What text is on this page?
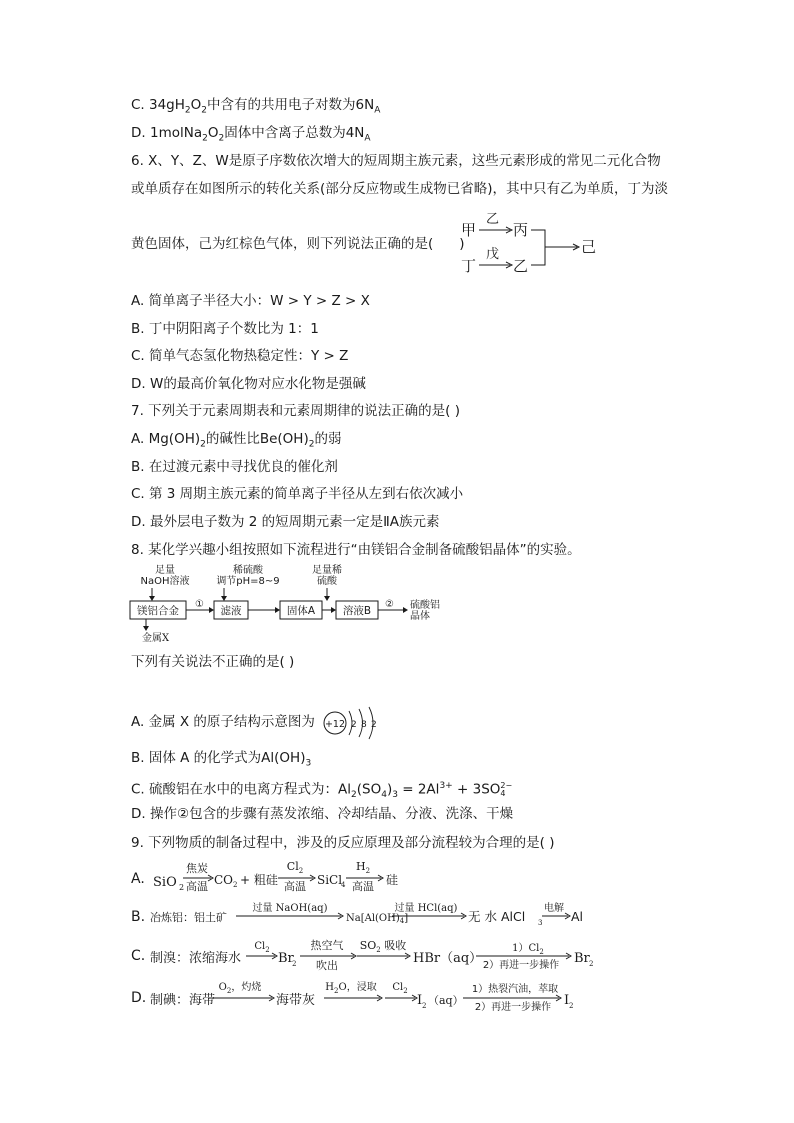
C. $34gH_2O_2$中含有的共用电子对数为$6N_A$
D. $1molNa_2O_2$固体中含离子总数为$4N_A$
6. X、Y、Z、W是原子序数依次增大的短周期主族元素，这些元素形成的常见二元化合物
或单质存在如图所示的转化关系(部分反应物或生成物已省略)，其中只有乙为单质，丁为淡
黄色固体，己为红棕色气体，则下列说法正确的是( )
甲
乙
丙
丁
戊
乙
己
A. 简单离子半径大小：W > Y > Z > X
B. 丁中阴阳离子个数比为 1：1
C. 简单气态氢化物热稳定性：Y > Z
D. W的最高价氧化物对应水化物是强碱
7. 下列关于元素周期表和元素周期律的说法正确的是( )
A. $Mg(OH)_2$的碱性比$Be(OH)_2$的弱
B. 在过渡元素中寻找优良的催化剂
C. 第 3 周期主族元素的简单离子半径从左到右依次减小
D. 最外层电子数为 2 的短周期元素一定是ⅡA族元素
8. 某化学兴趣小组按照如下流程进行“由镁铝合金制备硫酸铝晶体”的实验。
足量
NaOH溶液
稀硫酸
调节pH=8~9
足量稀
硫酸
镁铝合金
①
滤液	固体A	溶液B
② 硫酸铝
晶体
金属X
下列有关说法不正确的是( )
A. 金属 X 的原子结构示意图为 +12 2 8 2
B. 固体 A 的化学式为$Al(OH)_3$
C. 硫酸铝在水中的电离方程式为：$Al_2(SO_4)_3 = 2Al^{3+} + 3SO$ 2−
4
D. 操作②包含的步骤有蒸发浓缩、冷却结晶、分液、洗涤、干燥
9. 下列物质的制备过程中，涉及的反应原理及部分流程较为合理的是( )
A. SiO 2
焦炭
高温 CO 2 + 粗硅
$Cl_2$
高温 SiCl
4
$H_2$
高温 硅
B. 冶炼铝：铝土矿
过量 NaOH(aq)
$Na[Al(OH)_4]$
过量 HCl(aq)
无 水 AlCl 3
电解
Al
C. 制溴：浓缩海水
$Cl_2$
Br
2
热空气
吹出
$SO_2$ 吸收
HBr（aq）
$1)Cl_2$
2）再进一步操作 Br 2
D. 制碘：海带
$O_2$，灼烧
海带灰
$H_2O$，浸取 $Cl_2$
I 2 （aq）
1）热裂汽油，萃取
2）再进一步操作 I 2
